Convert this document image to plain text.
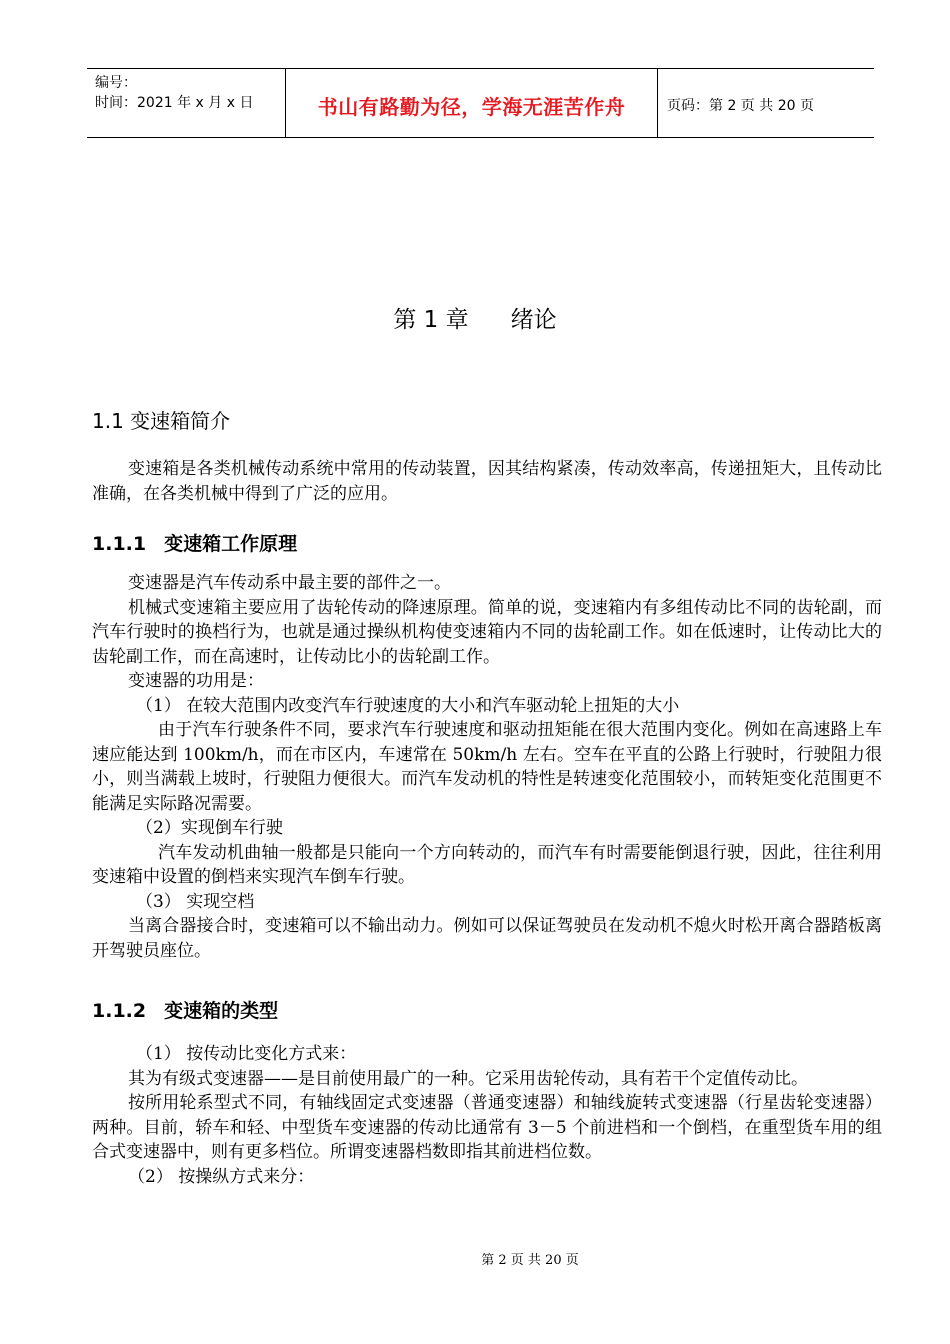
编号：
时间：2021 年 x 月 x 日	书山有路勤为径，学海无涯苦作舟	页码：第 2 页 共 20 页
第 1 章 绪论
1.1 变速箱简介

变速箱是各类机械传动系统中常用的传动装置，因其结构紧凑，传动效率高，传递扭矩大，且传动比准确，在各类机械中得到了广泛的应用。

1.1.1 变速箱工作原理

变速器是汽车传动系中最主要的部件之一。

机械式变速箱主要应用了齿轮传动的降速原理。简单的说，变速箱内有多组传动比不同的齿轮副，而汽车行驶时的换档行为，也就是通过操纵机构使变速箱内不同的齿轮副工作。如在低速时，让传动比大的齿轮副工作，而在高速时，让传动比小的齿轮副工作。

变速器的功用是：

（1） 在较大范围内改变汽车行驶速度的大小和汽车驱动轮上扭矩的大小

由于汽车行驶条件不同，要求汽车行驶速度和驱动扭矩能在很大范围内变化。例如在高速路上车速应能达到 100km/h，而在市区内，车速常在 50km/h 左右。空车在平直的公路上行驶时，行驶阻力很小，则当满载上坡时，行驶阻力便很大。而汽车发动机的特性是转速变化范围较小，而转矩变化范围更不能满足实际路况需要。

（2）实现倒车行驶

汽车发动机曲轴一般都是只能向一个方向转动的，而汽车有时需要能倒退行驶，因此，往往利用变速箱中设置的倒档来实现汽车倒车行驶。

（3） 实现空档

当离合器接合时，变速箱可以不输出动力。例如可以保证驾驶员在发动机不熄火时松开离合器踏板离开驾驶员座位。

1.1.2 变速箱的类型

（1） 按传动比变化方式来：

其为有级式变速器——是目前使用最广的一种。它采用齿轮传动，具有若干个定值传动比。

按所用轮系型式不同，有轴线固定式变速器（普通变速器）和轴线旋转式变速器（行星齿轮变速器）两种。目前，轿车和轻、中型货车变速器的传动比通常有 3－5 个前进档和一个倒档，在重型货车用的组合式变速器中，则有更多档位。所谓变速器档数即指其前进档位数。

（2） 按操纵方式来分：

第 2 页 共 20 页
